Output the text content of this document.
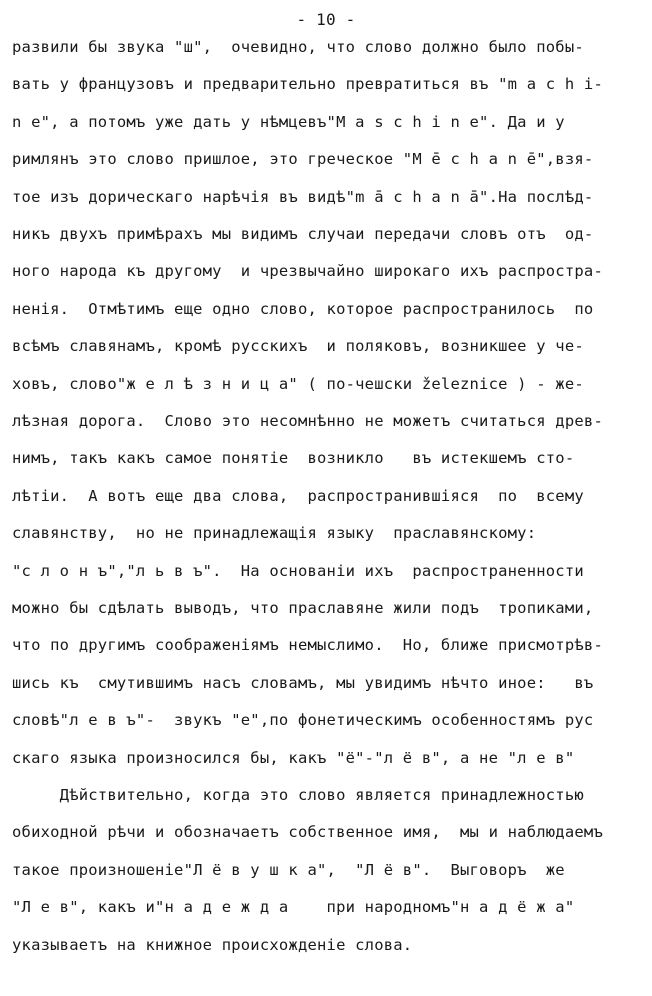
- 10 -
развили бы звука "ш",  очевидно, что слово должно было побы-
вать у французовъ и предварительно превратиться въ "m a c h i-
n e", а потомъ уже дать у нѣмцевъ"M a s c h i n e". Да и у
римлянъ это слово пришлое, это греческое "M ē c h a n ē",взя-
тое изъ дорическаго нарѣчія въ видѣ"m ā c h a n ā".На послѣд-
никъ двухъ примѣрахъ мы видимъ случаи передачи словъ отъ  од-
ного народа къ другому  и чрезвычайно широкаго ихъ распростра-
ненія.  Отмѣтимъ еще одно слово, которое распространилось  по
всѣмъ славянамъ, кромѣ русскихъ  и поляковъ, возникшее у че-
ховъ, слово"ж е л ѣ з н и ц а" ( по-чешски železnice ) - же-
лѣзная дорога.  Слово это несомнѣнно не можетъ считаться древ-
нимъ, такъ какъ самое понятіе  возникло   въ истекшемъ сто-
лѣтіи.  А вотъ еще два слова,  распространившіяся  по  всему
славянству,  но не принадлежащія языку  праславянскому:
"с л о н ъ","л ь в ъ".  На основаніи ихъ  распространенности
можно бы сдѣлать выводъ, что праславяне жили подъ  тропиками,
что по другимъ соображеніямъ немыслимо.  Но, ближе присмотрѣв-
шись къ  смутившимъ насъ словамъ, мы увидимъ нѣчто иное:   въ
словѣ"л е в ъ"-  звукъ "е",по фонетическимъ особенностямъ рус
скаго языка произносился бы, какъ "ё"-"л ё в", а не "л е в"
Дѣйствительно, когда это слово является принадлежностью
обиходной рѣчи и обозначаетъ собственное имя,  мы и наблюдаемъ
такое произношеніе"Л ё в у ш к а",  "Л ё в".  Выговоръ  же
"Л е в", какъ и"н а д е ж д а    при народномъ"н а д ё ж а"
указываетъ на книжное происхожденіе слова.
